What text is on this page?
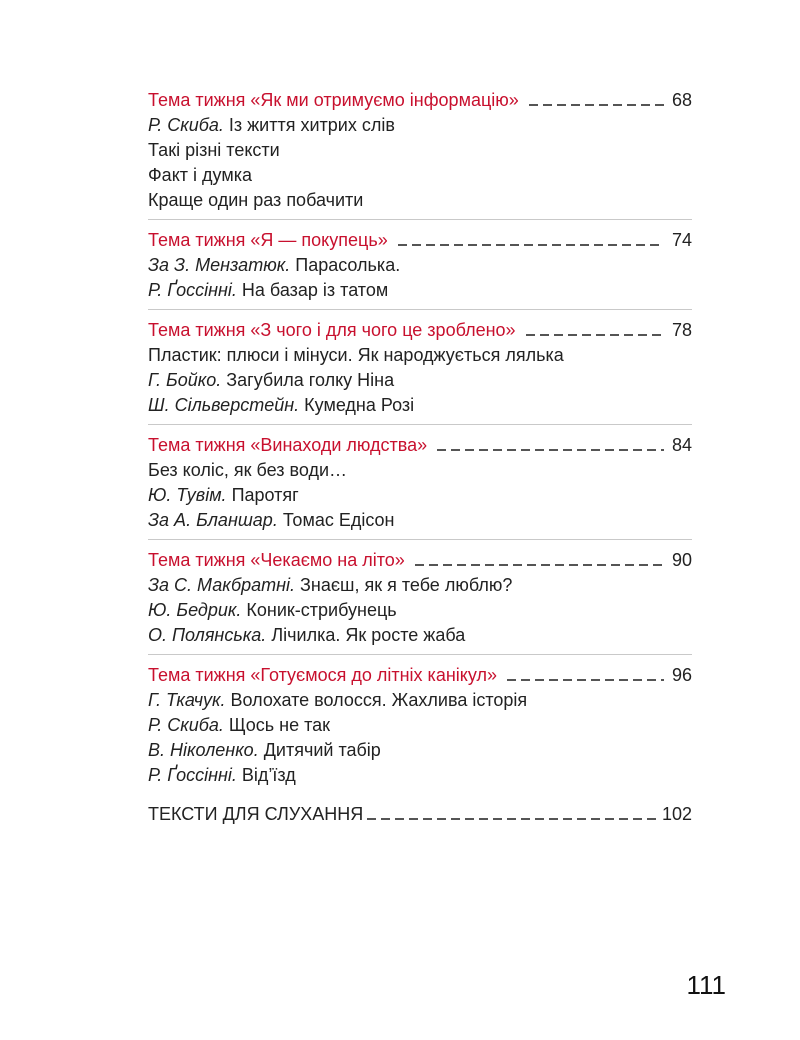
Тема тижня «Як ми отримуємо інформацію»	68
Р. Скиба. Із життя хитрих слів
Такі різні тексти
Факт і думка
Краще один раз побачити
Тема тижня «Я — покупець»	74
За З. Мензатюк. Парасолька.
Р. Ґоссінні. На базар із татом
Тема тижня «З чого і для чого це зроблено»	78
Пластик: плюси і мінуси. Як народжується лялька
Г. Бойко. Загубила голку Ніна
Ш. Сільверстейн. Кумедна Розі
Тема тижня «Винаходи людства»	84
Без коліс, як без води…
Ю. Тувім. Паротяг
За А. Бланшар. Томас Едісон
Тема тижня «Чекаємо на літо»	90
За С. Макбратні. Знаєш, як я тебе люблю?
Ю. Бедрик. Коник-стрибунець
О. Полянська. Лічилка. Як росте жаба
Тема тижня «Готуємося до літніх канікул»	96
Г. Ткачук. Волохате волосся. Жахлива історія
Р. Скиба. Щось не так
В. Ніколенко. Дитячий табір
Р. Ґоссінні. Від’їзд
ТЕКСТИ ДЛЯ СЛУХАННЯ	102
111
